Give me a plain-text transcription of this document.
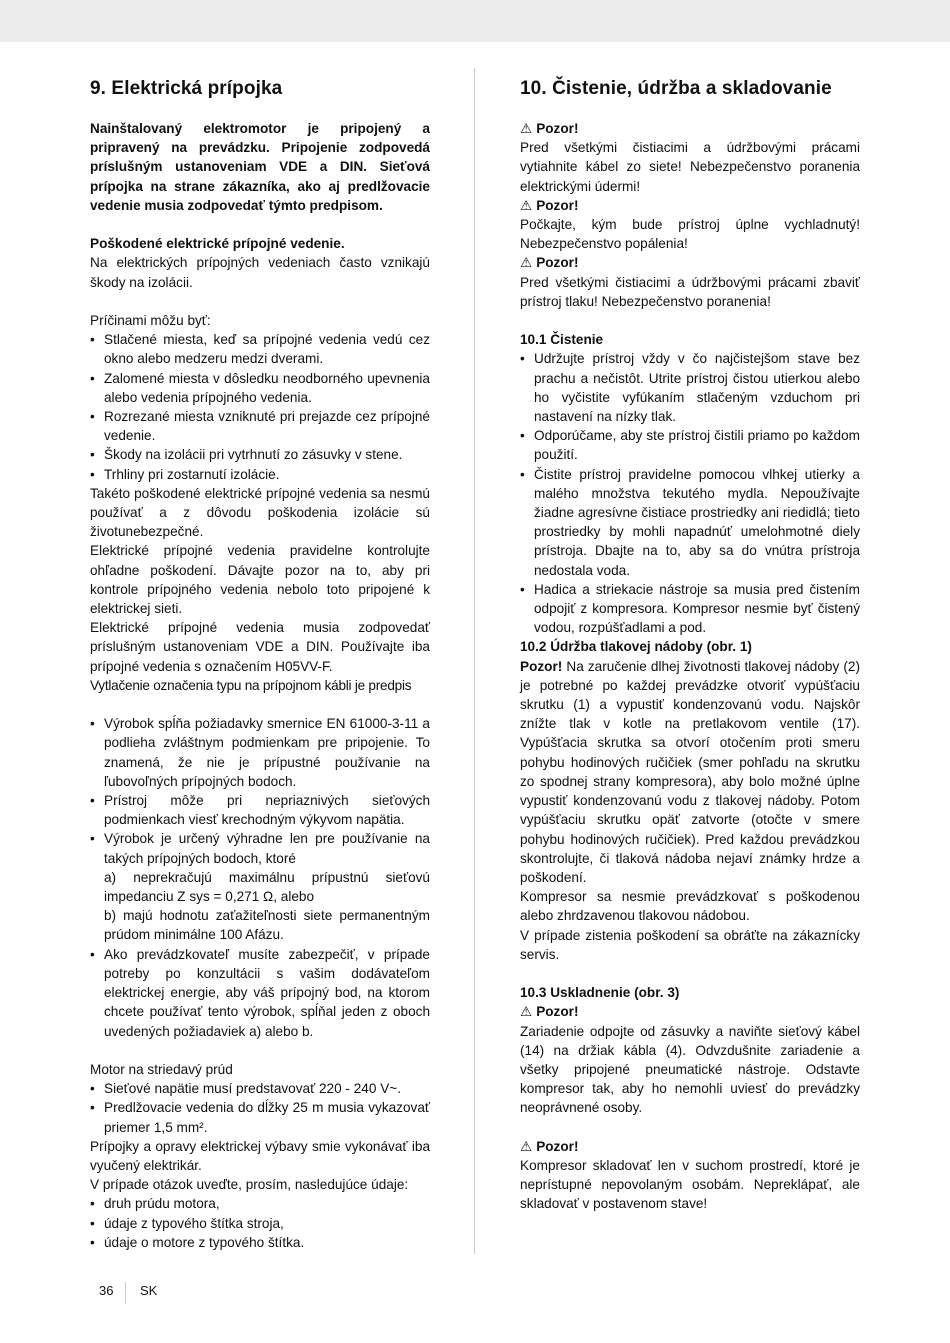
9. Elektrická prípojka

Nainštalovaný elektromotor je pripojený a pripravený na prevádzku. Pripojenie zodpovedá príslušným ustanoveniam VDE a DIN. Sieťová prípojka na strane zákazníka, ako aj predlžovacie vedenie musia zodpovedať týmto predpisom.

Poškodené elektrické prípojné vedenie.

Na elektrických prípojných vedeniach často vznikajú škody na izolácii.

Príčinami môžu byť:

• Stlačené miesta, keď sa prípojné vedenia vedú cez okno alebo medzeru medzi dverami.
• Zalomené miesta v dôsledku neodborného upevnenia alebo vedenia prípojného vedenia.
• Rozrezané miesta vzniknuté pri prejazde cez prípojné vedenie.
• Škody na izolácii pri vytrhnutí zo zásuvky v stene.
• Trhliny pri zostarnutí izolácie.

Takéto poškodené elektrické prípojné vedenia sa nesmú používať a z dôvodu poškodenia izolácie sú životunebezpečné.

Elektrické prípojné vedenia pravidelne kontrolujte ohľadne poškodení. Dávajte pozor na to, aby pri kontrole prípojného vedenia nebolo toto pripojené k elektrickej sieti.

Elektrické prípojné vedenia musia zodpovedať príslušným ustanoveniam VDE a DIN. Používajte iba prípojné vedenia s označením H05VV-F.

Vytlačenie označenia typu na prípojnom kábli je predpis

• Výrobok spĺňa požiadavky smernice EN 61000-3-11 a podlieha zvláštnym podmienkam pre pripojenie. To znamená, že nie je prípustné používanie na ľubovoľných prípojných bodoch.
• Prístroj môže pri nepriaznivých sieťových podmienkach viesť krechodným výkyvom napätia.
• Výrobok je určený výhradne len pre používanie na takých prípojných bodoch, ktoré
a) neprekračujú maximálnu prípustnú sieťovú impedanciu Z sys = 0,271 Ω, alebo
b) majú hodnotu zaťažiteľnosti siete permanentným prúdom minimálne 100 Afázu.
• Ako prevádzkovateľ musíte zabezpečiť, v prípade potreby po konzultácii s vašim dodávateľom elektrickej energie, aby váš prípojný bod, na ktorom chcete používať tento výrobok, spĺňal jeden z oboch uvedených požiadaviek a) alebo b.

Motor na striedavý prúd

• Sieťové napätie musí predstavovať 220 - 240 V~.
• Predlžovacie vedenia do dĺžky 25 m musia vykazovať priemer 1,5 mm².

Prípojky a opravy elektrickej výbavy smie vykonávať iba vyučený elektrikár.

V prípade otázok uveďte, prosím, nasledujúce údaje:

• druh prúdu motora,
• údaje z typového štítka stroja,
• údaje o motore z typového štítka.
10. Čistenie, údržba a skladovanie

⚠ Pozor!

Pred všetkými čistiacimi a údržbovými prácami vytiahnite kábel zo siete! Nebezpečenstvo poranenia elektrickými údermi!

⚠ Pozor!

Počkajte, kým bude prístroj úplne vychladnutý! Nebezpečenstvo popálenia!

⚠ Pozor!

Pred všetkými čistiacimi a údržbovými prácami zbaviť prístroj tlaku! Nebezpečenstvo poranenia!

10.1 Čistenie

• Udržujte prístroj vždy v čo najčistejšom stave bez prachu a nečistôt. Utrite prístroj čistou utierkou alebo ho vyčistite vyfúkaním stlačeným vzduchom pri nastavení na nízky tlak.
• Odporúčame, aby ste prístroj čistili priamo po každom použití.
• Čistite prístroj pravidelne pomocou vlhkej utierky a malého množstva tekutého mydla. Nepoužívajte žiadne agresívne čistiace prostriedky ani riedidlá; tieto prostriedky by mohli napadnúť umelohmotné diely prístroja. Dbajte na to, aby sa do vnútra prístroja nedostala voda.
• Hadica a striekacie nástroje sa musia pred čistením odpojiť z kompresora. Kompresor nesmie byť čistený vodou, rozpúšťadlami a pod.

10.2 Údržba tlakovej nádoby (obr. 1)

Pozor! Na zaručenie dlhej životnosti tlakovej nádoby (2) je potrebné po každej prevádzke otvoriť vypúšťaciu skrutku (1) a vypustiť kondenzovanú vodu. Najskôr znížte tlak v kotle na pretlakovom ventile (17). Vypúšťacia skrutka sa otvorí otočením proti smeru pohybu hodinových ručičiek (smer pohľadu na skrutku zo spodnej strany kompresora), aby bolo možné úplne vypustiť kondenzovanú vodu z tlakovej nádoby. Potom vypúšťaciu skrutku opäť zatvorte (otočte v smere pohybu hodinových ručičiek). Pred každou prevádzkou skontrolujte, či tlaková nádoba nejaví známky hrdze a poškodení.

Kompresor sa nesmie prevádzkovať s poškodenou alebo zhrdzavenou tlakovou nádobou.

V prípade zistenia poškodení sa obráťte na zákaznícky servis.

10.3 Uskladnenie (obr. 3)

⚠ Pozor!

Zariadenie odpojte od zásuvky a naviňte sieťový kábel (14) na držiak kábla (4). Odvzdušnite zariadenie a všetky pripojené pneumatické nástroje. Odstavte kompresor tak, aby ho nemohli uviesť do prevádzky neoprávnené osoby.

⚠ Pozor!

Kompresor skladovať len v suchom prostredí, ktoré je neprístupné nepovolaným osobám. Nepreklápať, ale skladovať v postavenom stave!

36 SK
